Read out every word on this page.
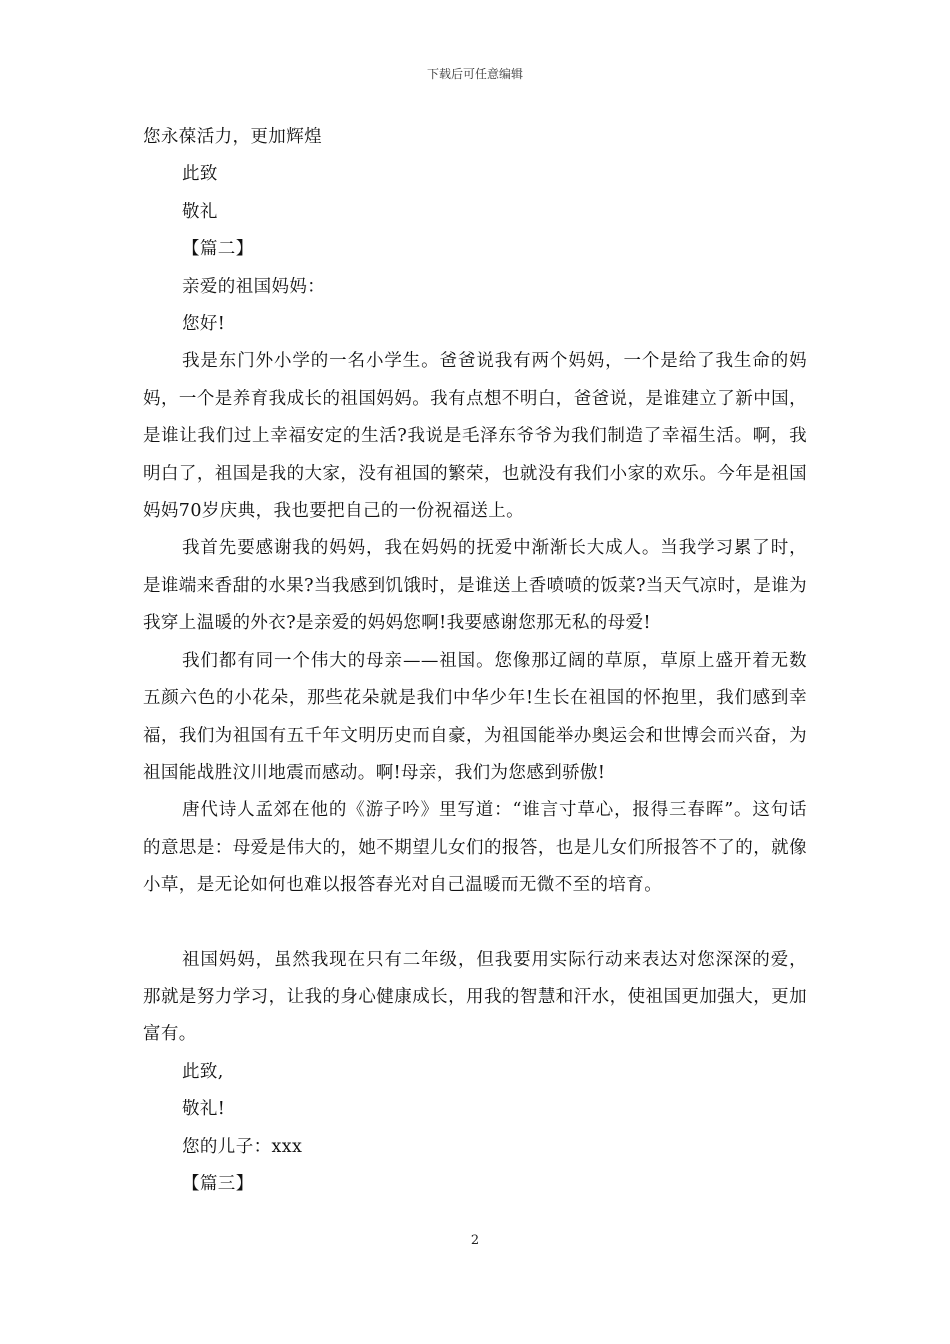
下载后可任意编辑

您永葆活力，更加辉煌

此致

敬礼

【篇二】

亲爱的祖国妈妈：

您好!

我是东门外小学的一名小学生。爸爸说我有两个妈妈，一个是给了我生命的妈妈，一个是养育我成长的祖国妈妈。我有点想不明白，爸爸说，是谁建立了新中国，是谁让我们过上幸福安定的生活?我说是毛泽东爷爷为我们制造了幸福生活。啊，我明白了，祖国是我的大家，没有祖国的繁荣，也就没有我们小家的欢乐。今年是祖国妈妈70岁庆典，我也要把自己的一份祝福送上。

我首先要感谢我的妈妈，我在妈妈的抚爱中渐渐长大成人。当我学习累了时，是谁端来香甜的水果?当我感到饥饿时，是谁送上香喷喷的饭菜?当天气凉时，是谁为我穿上温暖的外衣?是亲爱的妈妈您啊!我要感谢您那无私的母爱!

我们都有同一个伟大的母亲——祖国。您像那辽阔的草原，草原上盛开着无数五颜六色的小花朵，那些花朵就是我们中华少年!生长在祖国的怀抱里，我们感到幸福，我们为祖国有五千年文明历史而自豪，为祖国能举办奥运会和世博会而兴奋，为祖国能战胜汶川地震而感动。啊!母亲，我们为您感到骄傲!

唐代诗人孟郊在他的《游子吟》里写道：“谁言寸草心，报得三春晖”。这句话的意思是：母爱是伟大的，她不期望儿女们的报答，也是儿女们所报答不了的，就像小草，是无论如何也难以报答春光对自己温暖而无微不至的培育。

祖国妈妈，虽然我现在只有二年级，但我要用实际行动来表达对您深深的爱，那就是努力学习，让我的身心健康成长，用我的智慧和汗水，使祖国更加强大，更加富有。

此致,

敬礼!

您的儿子：xxx

【篇三】

2
